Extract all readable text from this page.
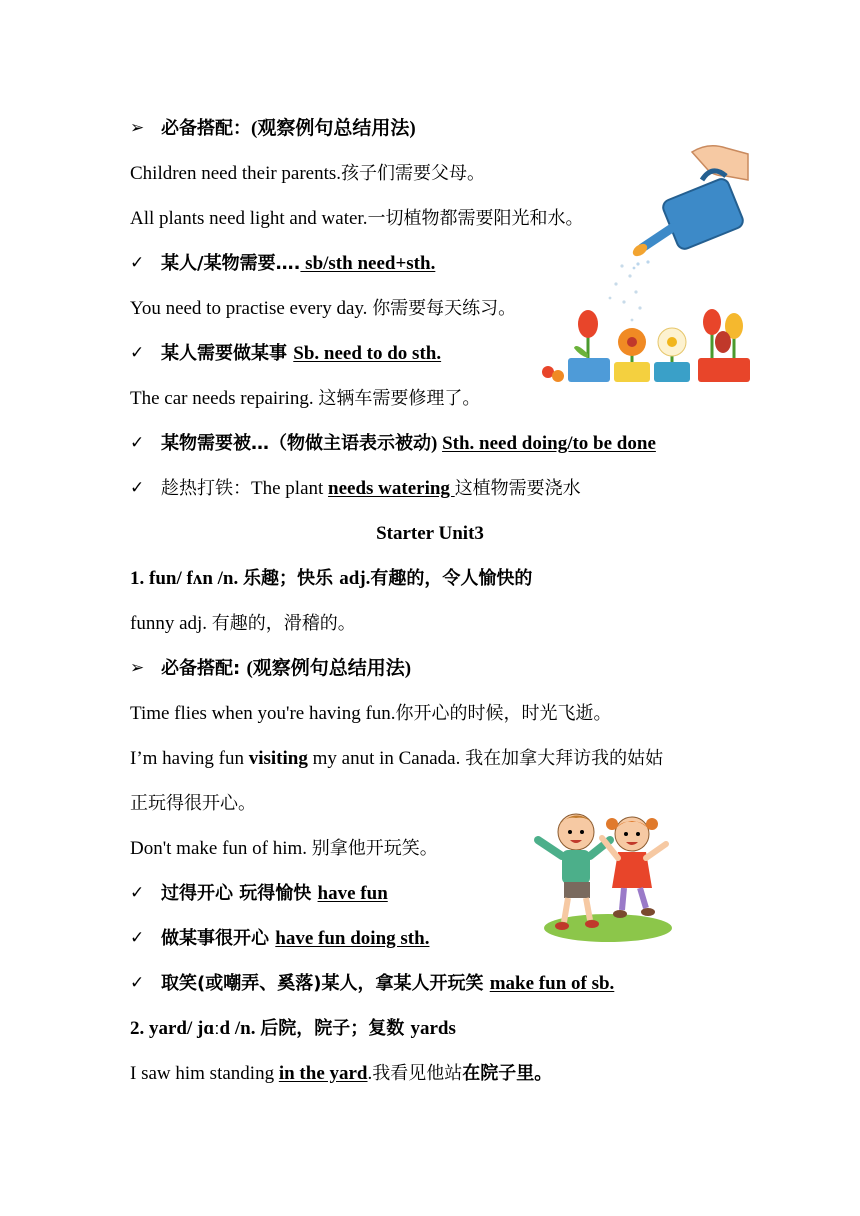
➢ 必备搭配：(观察例句总结用法)
Children need their parents.孩子们需要父母。
All plants need light and water.一切植物都需要阳光和水。
✓ 某人/某物需要…. sb/sth need+sth.
You need to practise every day. 你需要每天练习。
✓ 某人需要做某事 Sb. need to do sth.
The car needs repairing. 这辆车需要修理了。
✓ 某物需要被…（物做主语表示被动) Sth. need doing/to be done
✓ 趁热打铁：The plant needs watering 这植物需要浇水
Starter Unit3
1. fun/ fʌn /n. 乐趣；快乐 adj.有趣的，令人愉快的
funny adj. 有趣的，滑稽的。
➢ 必备搭配: (观察例句总结用法)
Time flies when you're having fun.你开心的时候，时光飞逝。
I’m having fun visiting my anut in Canada. 我在加拿大拜访我的姑姑
正玩得很开心。
Don't make fun of him. 别拿他开玩笑。
✓ 过得开心 玩得愉快 have fun
✓ 做某事很开心 have fun doing sth.
✓ 取笑(或嘲弄、奚落)某人，拿某人开玩笑 make fun of sb.
2. yard/ jɑːd /n. 后院，院子；复数 yards
I saw him standing in the yard.我看见他站在院子里。
